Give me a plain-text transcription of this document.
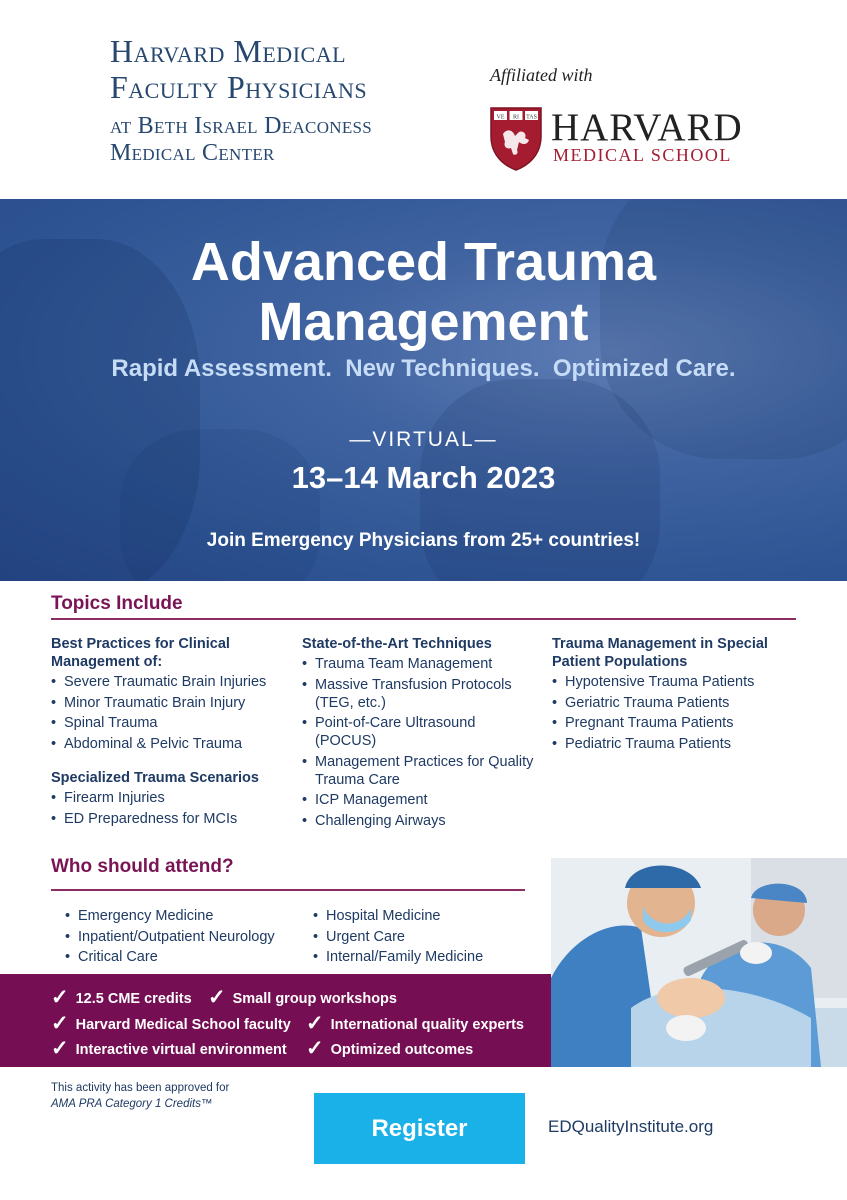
Harvard Medical
Faculty Physicians
at Beth Israel Deaconess
Medical Center
Affiliated with
VE RI TAS HARVARD
MEDICAL SCHOOL
Advanced Trauma
Management
Rapid Assessment.  New Techniques.  Optimized Care.
—VIRTUAL—
13–14 March 2023
Join Emergency Physicians from 25+ countries!
Topics Include
Best Practices for Clinical Management of:
• Severe Traumatic Brain Injuries
• Minor Traumatic Brain Injury
• Spinal Trauma
• Abdominal & Pelvic Trauma
Specialized Trauma Scenarios
• Firearm Injuries
• ED Preparedness for MCIs
State-of-the-Art Techniques
• Trauma Team Management
• Massive Transfusion Protocols (TEG, etc.)
• Point-of-Care Ultrasound (POCUS)
• Management Practices for Quality Trauma Care
• ICP Management
• Challenging Airways
Trauma Management in Special Patient Populations
• Hypotensive Trauma Patients
• Geriatric Trauma Patients
• Pregnant Trauma Patients
• Pediatric Trauma Patients
Who should attend?
• Emergency Medicine
• Inpatient/Outpatient Neurology
• Critical Care
• Hospital Medicine
• Urgent Care
• Internal/Family Medicine
✓ 12.5 CME credits ✓ Small group workshops
✓ Harvard Medical School faculty ✓ International quality experts
✓ Interactive virtual environment ✓ Optimized outcomes
This activity has been approved for
AMA PRA Category 1 Credits™
Register	EDQualityInstitute.org
